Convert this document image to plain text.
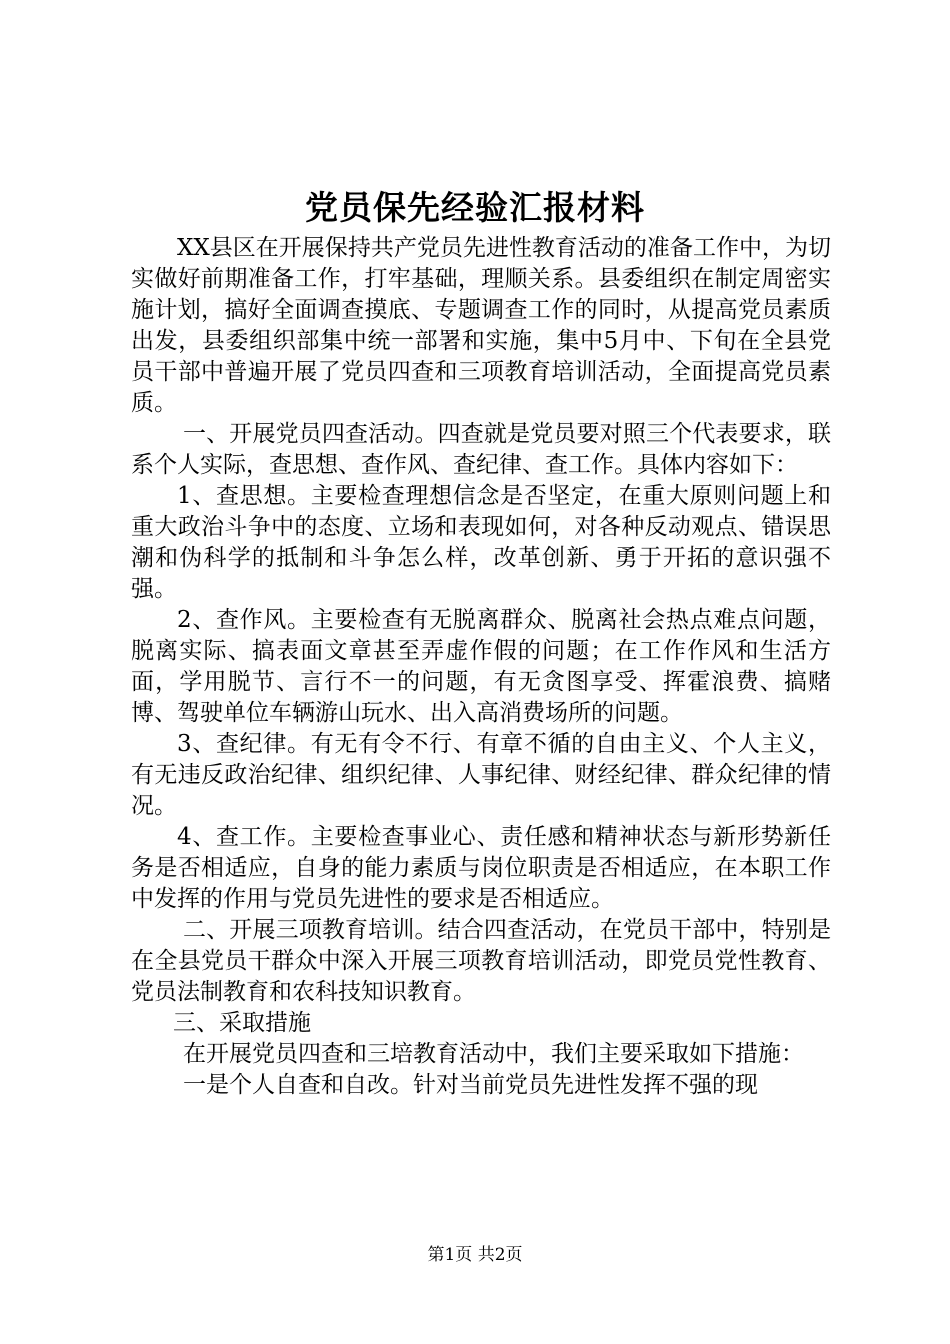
党员保先经验汇报材料

XX县区在开展保持共产党员先进性教育活动的准备工作中，为切实做好前期准备工作，打牢基础，理顺关系。县委组织在制定周密实施计划，搞好全面调查摸底、专题调查工作的同时，从提高党员素质出发，县委组织部集中统一部署和实施，集中5月中、下旬在全县党员干部中普遍开展了党员四查和三项教育培训活动，全面提高党员素质。

一、开展党员四查活动。四查就是党员要对照三个代表要求，联系个人实际，查思想、查作风、查纪律、查工作。具体内容如下：

1、查思想。主要检查理想信念是否坚定，在重大原则问题上和重大政治斗争中的态度、立场和表现如何，对各种反动观点、错误思潮和伪科学的抵制和斗争怎么样，改革创新、勇于开拓的意识强不强。

2、查作风。主要检查有无脱离群众、脱离社会热点难点问题，脱离实际、搞表面文章甚至弄虚作假的问题；在工作作风和生活方面，学用脱节、言行不一的问题，有无贪图享受、挥霍浪费、搞赌博、驾驶单位车辆游山玩水、出入高消费场所的问题。

3、查纪律。有无有令不行、有章不循的自由主义、个人主义，有无违反政治纪律、组织纪律、人事纪律、财经纪律、群众纪律的情况。

4、查工作。主要检查事业心、责任感和精神状态与新形势新任务是否相适应，自身的能力素质与岗位职责是否相适应，在本职工作中发挥的作用与党员先进性的要求是否相适应。

二、开展三项教育培训。结合四查活动，在党员干部中，特别是在全县党员干群众中深入开展三项教育培训活动，即党员党性教育、党员法制教育和农科技知识教育。

三、采取措施

在开展党员四查和三培教育活动中，我们主要采取如下措施：

一是个人自查和自改。针对当前党员先进性发挥不强的现

第1页 共2页
